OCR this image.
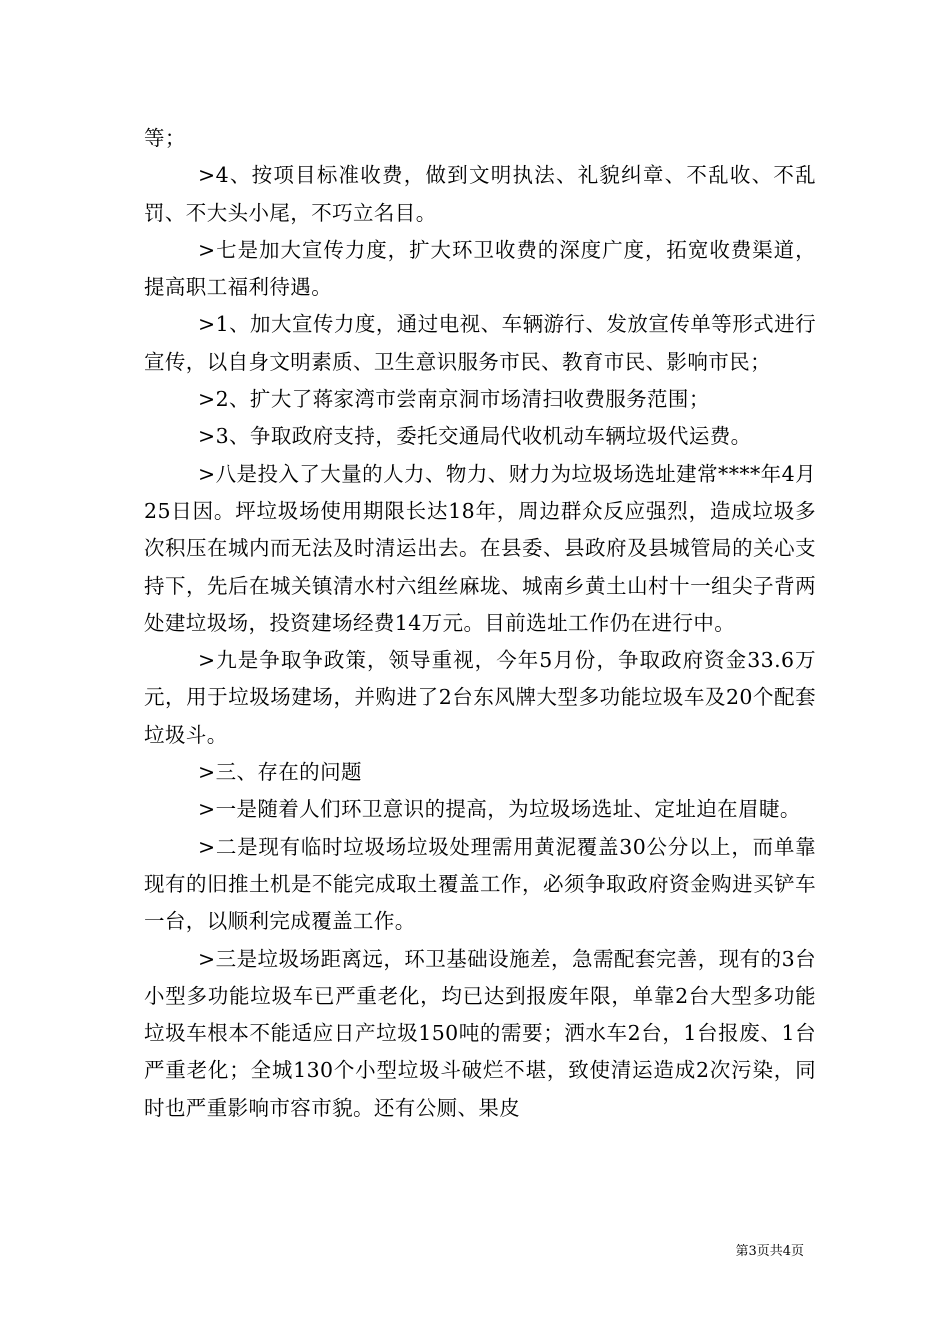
等；

>4、按项目标准收费，做到文明执法、礼貌纠章、不乱收、不乱罚、不大头小尾，不巧立名目。

>七是加大宣传力度，扩大环卫收费的深度广度，拓宽收费渠道，提高职工福利待遇。

>1、加大宣传力度，通过电视、车辆游行、发放宣传单等形式进行宣传，以自身文明素质、卫生意识服务市民、教育市民、影响市民；

>2、扩大了蒋家湾市尝南京洞市场清扫收费服务范围；

>3、争取政府支持，委托交通局代收机动车辆垃圾代运费。

>八是投入了大量的人力、物力、财力为垃圾场选址建常****年4月25日因。坪垃圾场使用期限长达18年，周边群众反应强烈，造成垃圾多次积压在城内而无法及时清运出去。在县委、县政府及县城管局的关心支持下，先后在城关镇清水村六组丝麻垅、城南乡黄土山村十一组尖子背两处建垃圾场，投资建场经费14万元。目前选址工作仍在进行中。

>九是争取争政策，领导重视，今年5月份，争取政府资金33.6万元，用于垃圾场建场，并购进了2台东风牌大型多功能垃圾车及20个配套垃圾斗。

>三、存在的问题

>一是随着人们环卫意识的提高，为垃圾场选址、定址迫在眉睫。

>二是现有临时垃圾场垃圾处理需用黄泥覆盖30公分以上，而单靠现有的旧推土机是不能完成取土覆盖工作，必须争取政府资金购进买铲车一台，以顺利完成覆盖工作。

>三是垃圾场距离远，环卫基础设施差，急需配套完善，现有的3台小型多功能垃圾车已严重老化，均已达到报废年限，单靠2台大型多功能垃圾车根本不能适应日产垃圾150吨的需要；洒水车2台，1台报废、1台严重老化；全城130个小型垃圾斗破烂不堪，致使清运造成2次污染，同时也严重影响市容市貌。还有公厕、果皮

第3页共4页
